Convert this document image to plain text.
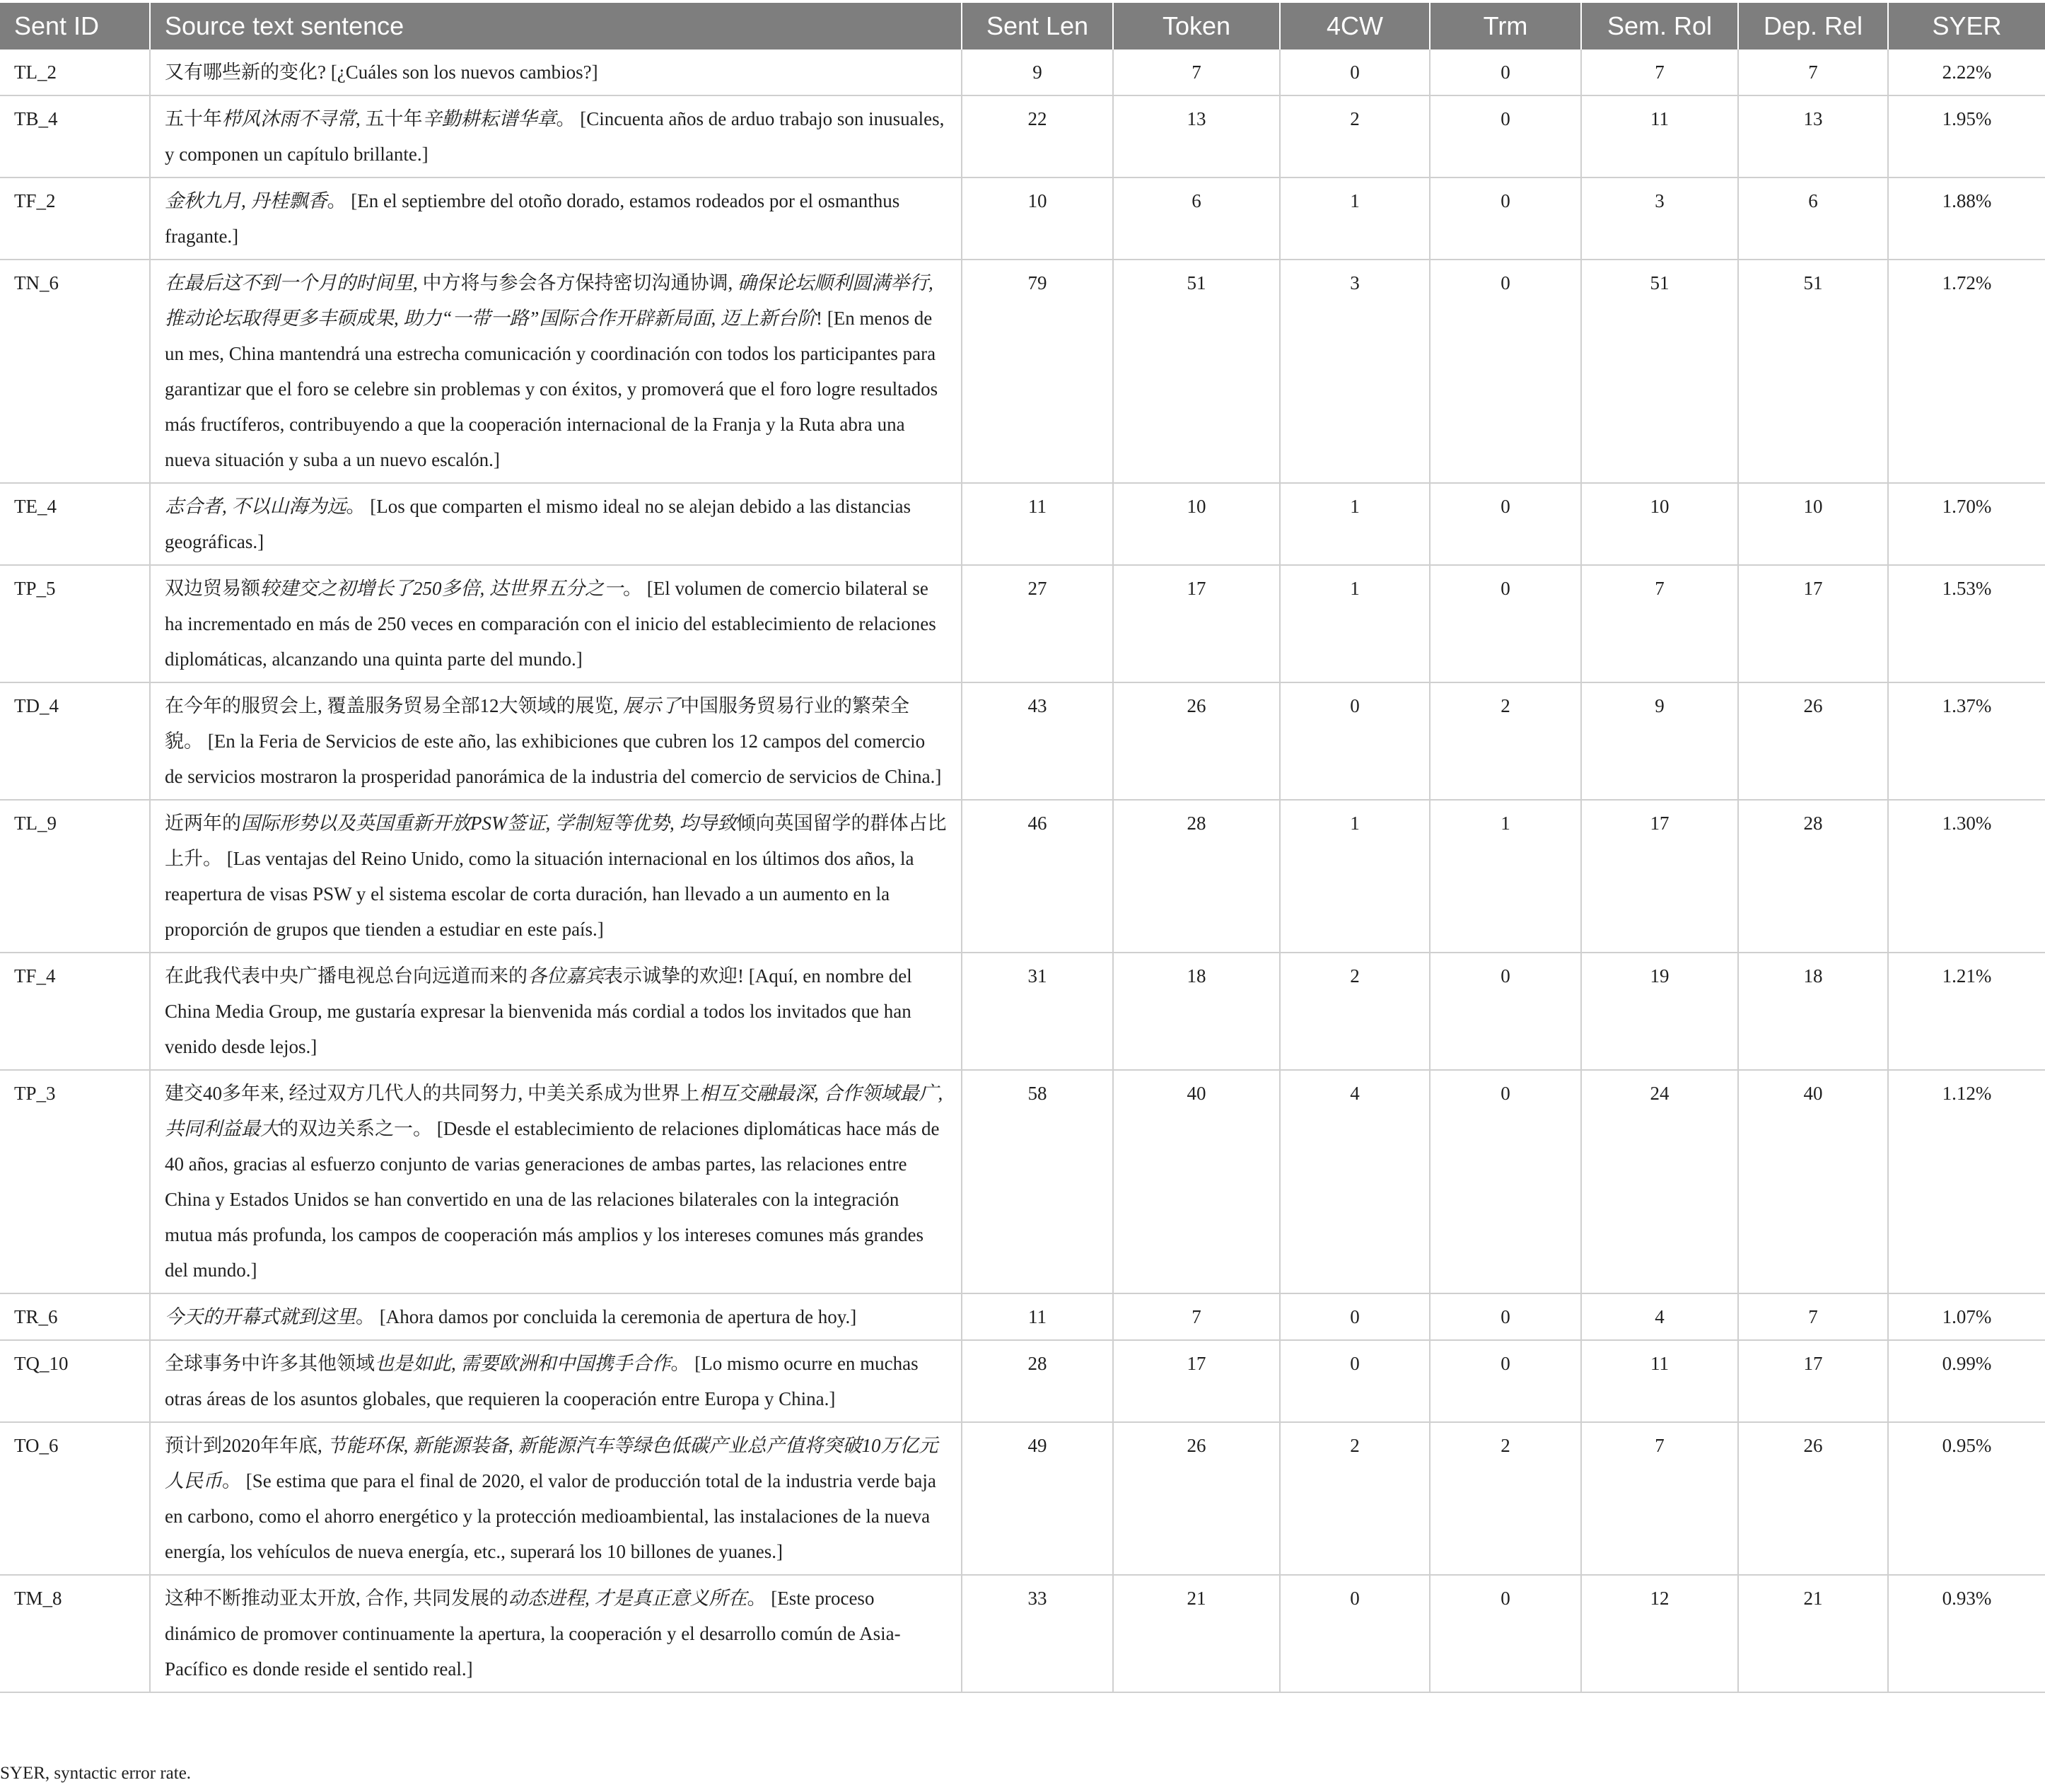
Sent ID	Source text sentence	Sent Len	Token	4CW	Trm	Sem. Rol	Dep. Rel	SYER
TL_2	又有哪些新的变化? [¿Cuáles son los nuevos cambios?]	9	7	0	0	7	7	2.22%
TB_4	五十年栉风沐雨不寻常, 五十年辛勤耕耘谱华章。 [Cincuenta años de arduo trabajo son inusuales, y componen un capítulo brillante.]	22	13	2	0	11	13	1.95%
TF_2	金秋九月, 丹桂飘香。 [En el septiembre del otoño dorado, estamos rodeados por el osmanthus fragante.]	10	6	1	0	3	6	1.88%
TN_6	在最后这不到一个月的时间里, 中方将与参会各方保持密切沟通协调, 确保论坛顺利圆满举行, 推动论坛取得更多丰硕成果, 助力“一带一路”国际合作开辟新局面, 迈上新台阶! [En menos de un mes, China mantendrá una estrecha comunicación y coordinación con todos los participantes para garantizar que el foro se celebre sin problemas y con éxitos, y promoverá que el foro logre resultados más fructíferos, contribuyendo a que la cooperación internacional de la Franja y la Ruta abra una nueva situación y suba a un nuevo escalón.]	79	51	3	0	51	51	1.72%
TE_4	志合者, 不以山海为远。 [Los que comparten el mismo ideal no se alejan debido a las distancias geográficas.]	11	10	1	0	10	10	1.70%
TP_5	双边贸易额较建交之初增长了250多倍, 达世界五分之一。 [El volumen de comercio bilateral se ha incrementado en más de 250 veces en comparación con el inicio del establecimiento de relaciones diplomáticas, alcanzando una quinta parte del mundo.]	27	17	1	0	7	17	1.53%
TD_4	在今年的服贸会上, 覆盖服务贸易全部12大领域的展览, 展示了中国服务贸易行业的繁荣全貌。 [En la Feria de Servicios de este año, las exhibiciones que cubren los 12 campos del comercio de servicios mostraron la prosperidad panorámica de la industria del comercio de servicios de China.]	43	26	0	2	9	26	1.37%
TL_9	近两年的国际形势以及英国重新开放PSW签证, 学制短等优势, 均导致倾向英国留学的群体占比上升。 [Las ventajas del Reino Unido, como la situación internacional en los últimos dos años, la reapertura de visas PSW y el sistema escolar de corta duración, han llevado a un aumento en la proporción de grupos que tienden a estudiar en este país.]	46	28	1	1	17	28	1.30%
TF_4	在此我代表中央广播电视总台向远道而来的各位嘉宾表示诚挚的欢迎! [Aquí, en nombre del China Media Group, me gustaría expresar la bienvenida más cordial a todos los invitados que han venido desde lejos.]	31	18	2	0	19	18	1.21%
TP_3	建交40多年来, 经过双方几代人的共同努力, 中美关系成为世界上相互交融最深, 合作领域最广, 共同利益最大的双边关系之一。 [Desde el establecimiento de relaciones diplomáticas hace más de 40 años, gracias al esfuerzo conjunto de varias generaciones de ambas partes, las relaciones entre China y Estados Unidos se han convertido en una de las relaciones bilaterales con la integración mutua más profunda, los campos de cooperación más amplios y los intereses comunes más grandes del mundo.]	58	40	4	0	24	40	1.12%
TR_6	今天的开幕式就到这里。 [Ahora damos por concluida la ceremonia de apertura de hoy.]	11	7	0	0	4	7	1.07%
TQ_10	全球事务中许多其他领域也是如此, 需要欧洲和中国携手合作。 [Lo mismo ocurre en muchas otras áreas de los asuntos globales, que requieren la cooperación entre Europa y China.]	28	17	0	0	11	17	0.99%
TO_6	预计到2020年年底, 节能环保, 新能源装备, 新能源汽车等绿色低碳产业总产值将突破10万亿元人民币。 [Se estima que para el final de 2020, el valor de producción total de la industria verde baja en carbono, como el ahorro energético y la protección medioambiental, las instalaciones de la nueva energía, los vehículos de nueva energía, etc., superará los 10 billones de yuanes.]	49	26	2	2	7	26	0.95%
TM_8	这种不断推动亚太开放, 合作, 共同发展的动态进程, 才是真正意义所在。 [Este proceso dinámico de promover continuamente la apertura, la cooperación y el desarrollo común de Asia-Pacífico es donde reside el sentido real.]	33	21	0	0	12	21	0.93%
SYER, syntactic error rate.
